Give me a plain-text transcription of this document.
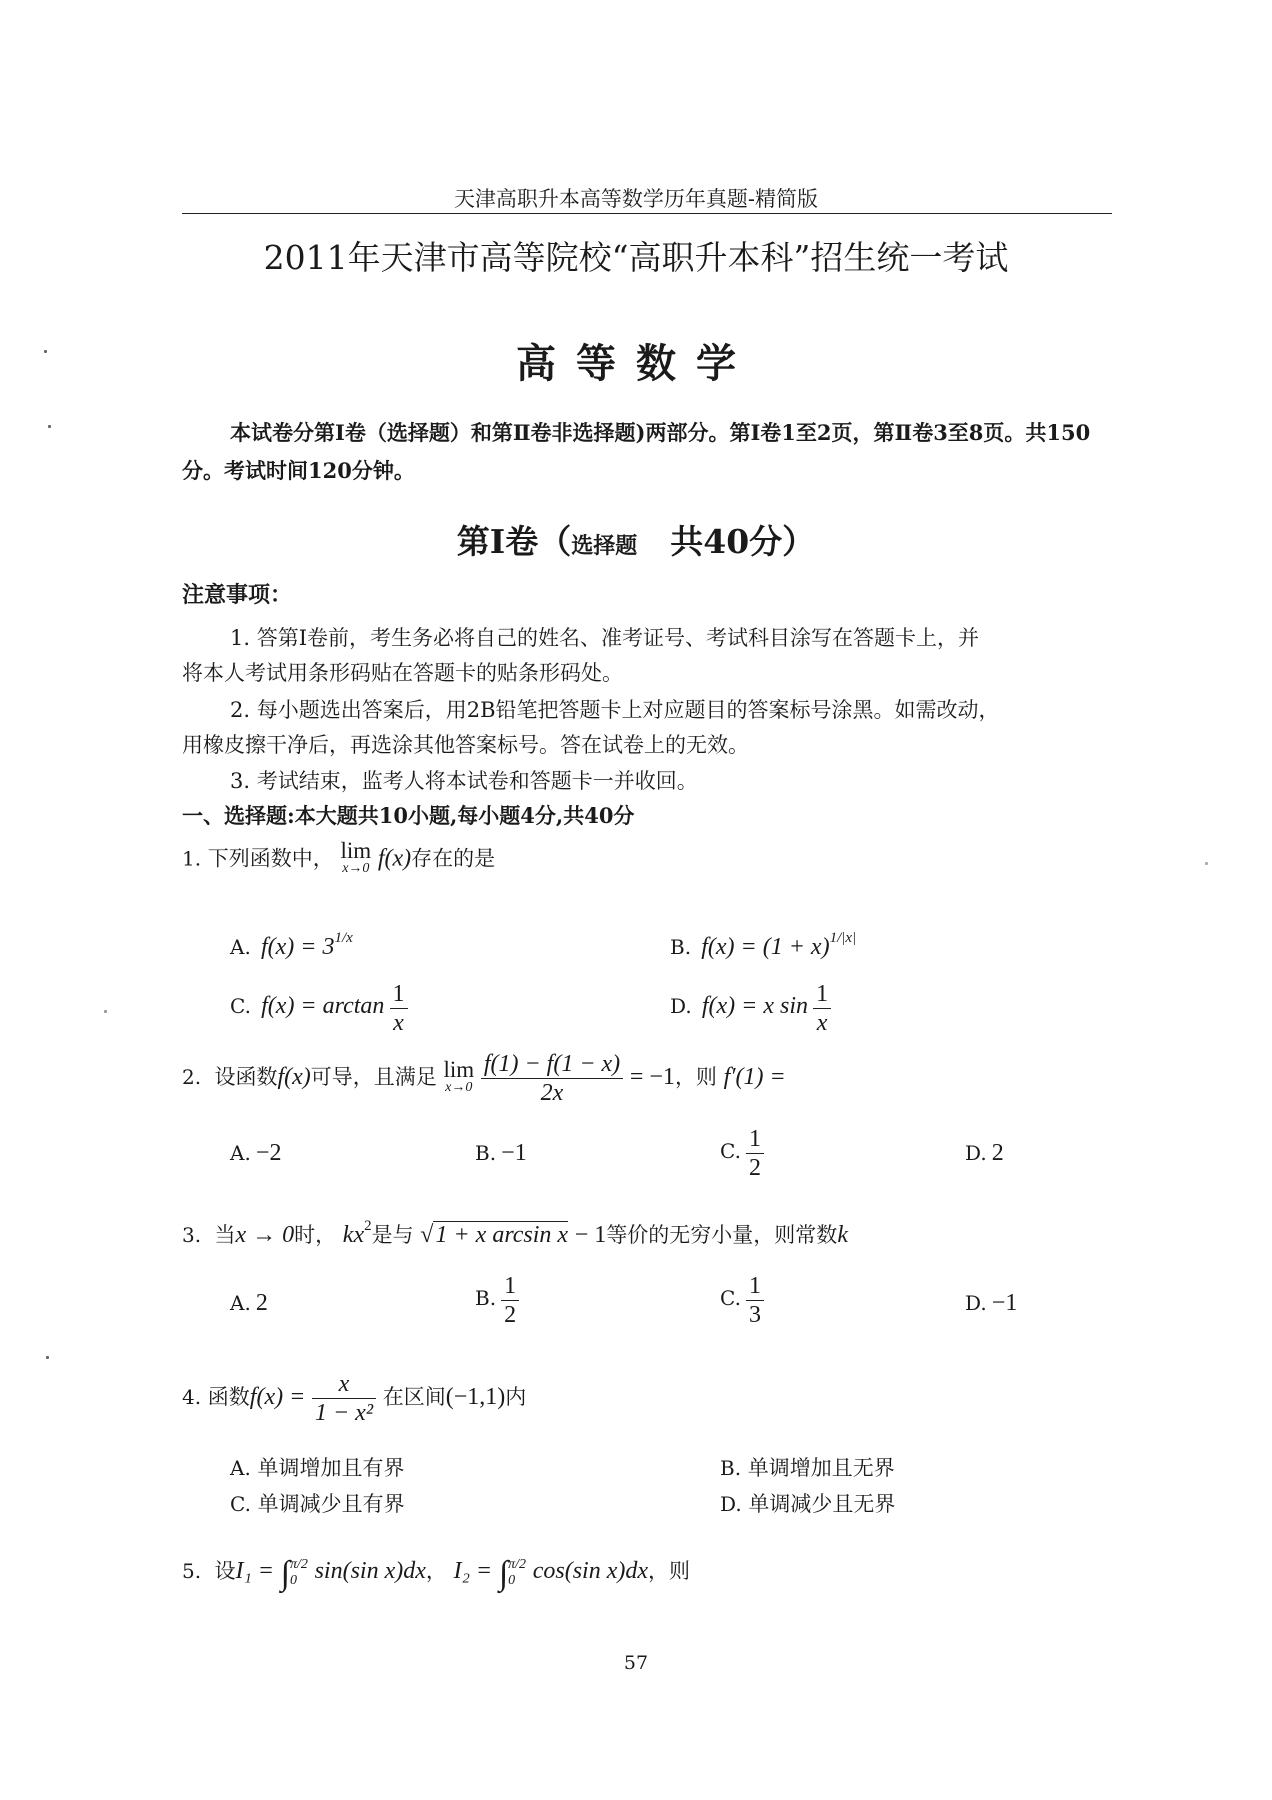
天津高职升本高等数学历年真题-精简版
2011年天津市高等院校“高职升本科”招生统一考试
高等数学
本试卷分第Ⅰ卷（选择题）和第Ⅱ卷非选择题)两部分。第Ⅰ卷1至2页，第Ⅱ卷3至8页。共150分。考试时间120分钟。
第Ⅰ卷（选择题　共40分）
注意事项：
1. 答第Ⅰ卷前，考生务必将自己的姓名、准考证号、考试科目涂写在答题卡上，并
将本人考试用条形码贴在答题卡的贴条形码处。
2. 每小题选出答案后，用2B铅笔把答题卡上对应题目的答案标号涂黑。如需改动，
用橡皮擦干净后，再选涂其他答案标号。答在试卷上的无效。
3. 考试结束，监考人将本试卷和答题卡一并收回。
一、选择题:本大题共10小题,每小题4分,共40分
1. 下列函数中， lim
x→0 f(x)存在的是
A. f(x) = 31/x	B. f(x) = (1 + x)1/|x|
C. $f(x) = \arctan \frac{1}{x}$	D. f(x) = x $\sin \frac{1}{x}$
2. 设函数f(x)可导，且满足 lim
x→0
$\frac{f(1) - f(1 - x)}{2x} = -1$，则 f′(1) =
A. −2	B. −1	C. $\frac{1}{2}$	D. 2
3. 当x → 0时， $kx^2$是与 √1 + x arcsin x − 1等价的无穷小量，则常数k
A. 2	B. $\frac{1}{2}$	C. $\frac{1}{3}$	D. −1
4. 函数$f(x) = \frac{x}{\text{1 − x²}}$ 在区间(−1,1)内
A. 单调增加且有界	B. 单调增加且无界
C. 单调减少且有界	D. 单调减少且无界
5. 设I₁ = ∫ π/2
0 sin(sin x)dx， I₂ = ∫ π/2
0 cos(sin x)dx，则
57
